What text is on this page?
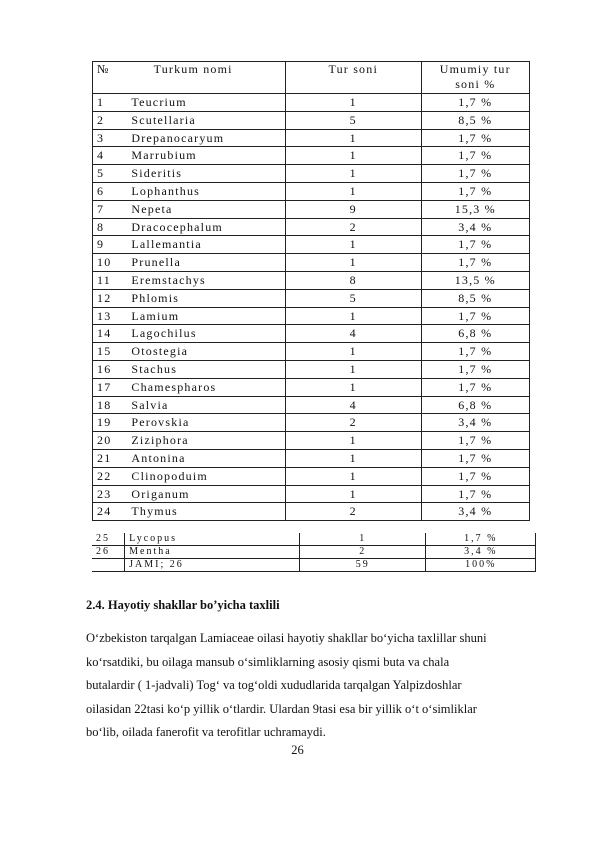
№	Turkum nomi	Tur soni	Umumiy tur
soni %
1	Teucrium	1	1,7 %
2	Scutellaria	5	8,5 %
3	Drepanocaryum	1	1,7 %
4	Marrubium	1	1,7 %
5	Sideritis	1	1,7 %
6	Lophanthus	1	1,7 %
7	Nepeta	9	15,3 %
8	Dracocephalum	2	3,4 %
9	Lallemantia	1	1,7 %
10	Prunella	1	1,7 %
11	Eremstachys	8	13,5 %
12	Phlomis	5	8,5 %
13	Lamium	1	1,7 %
14	Lagochilus	4	6,8 %
15	Otostegia	1	1,7 %
16	Stachus	1	1,7 %
17	Chamespharos	1	1,7 %
18	Salvia	4	6,8 %
19	Perovskia	2	3,4 %
20	Ziziphora	1	1,7 %
21	Antonina	1	1,7 %
22	Clinopoduim	1	1,7 %
23	Origanum	1	1,7 %
24	Thymus	2	3,4 %
25	Lycopus	1	1,7 %
26	Mentha	2	3,4 %
	JAMI; 26	59	100%
2.4. Hayotiy shakllar bo’yicha taxlili

O‘zbekiston tarqalgan Lamiaceae oilasi hayotiy shakllar bo‘yicha taxlillar shuni

ko‘rsatdiki, bu oilaga mansub o‘simliklarning asosiy qismi buta va chala

butalardir ( 1-jadvali) Tog‘ va tog‘oldi xududlarida tarqalgan Yalpizdoshlar

oilasidan 22tasi ko‘p yillik o‘tlardir. Ulardan 9tasi esa bir yillik o‘t o‘simliklar

bo‘lib, oilada fanerofit va terofitlar uchramaydi.

26
